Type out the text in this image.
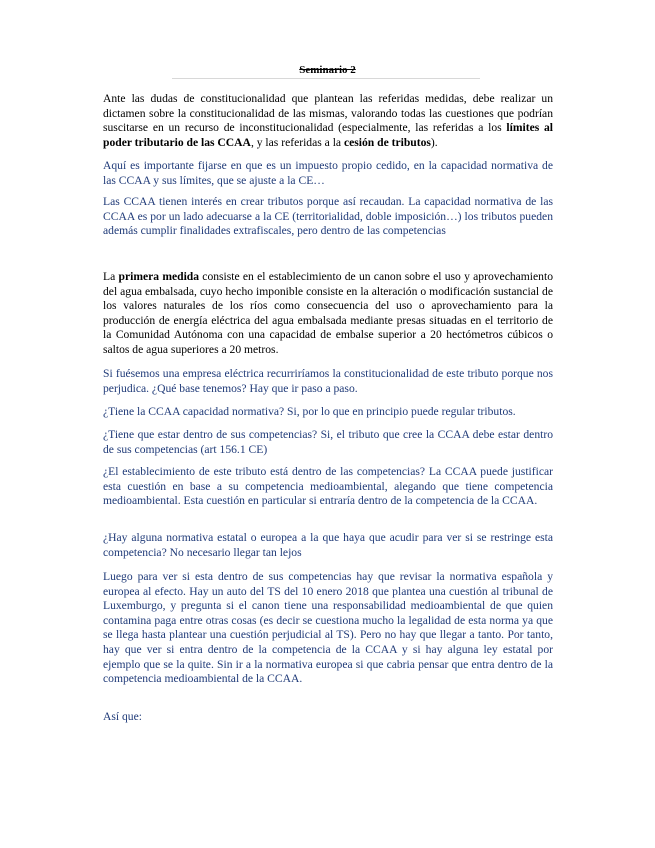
Seminario 2

Ante las dudas de constitucionalidad que plantean las referidas medidas, debe realizar un dictamen sobre la constitucionalidad de las mismas, valorando todas las cuestiones que podrían suscitarse en un recurso de inconstitucionalidad (especialmente, las referidas a los límites al poder tributario de las CCAA, y las referidas a la cesión de tributos).

Aquí es importante fijarse en que es un impuesto propio cedido, en la capacidad normativa de las CCAA y sus límites, que se ajuste a la CE…

Las CCAA tienen interés en crear tributos porque así recaudan. La capacidad normativa de las CCAA es por un lado adecuarse a la CE (territorialidad, doble imposición…) los tributos pueden además cumplir finalidades extrafiscales, pero dentro de las competencias

La primera medida consiste en el establecimiento de un canon sobre el uso y aprovechamiento del agua embalsada, cuyo hecho imponible consiste en la alteración o modificación sustancial de los valores naturales de los ríos como consecuencia del uso o aprovechamiento para la producción de energía eléctrica del agua embalsada mediante presas situadas en el territorio de la Comunidad Autónoma con una capacidad de embalse superior a 20 hectómetros cúbicos o saltos de agua superiores a 20 metros.

Si fuésemos una empresa eléctrica recurriríamos la constitucionalidad de este tributo porque nos perjudica. ¿Qué base tenemos? Hay que ir paso a paso.

¿Tiene la CCAA capacidad normativa? Si, por lo que en principio puede regular tributos.

¿Tiene que estar dentro de sus competencias? Si, el tributo que cree la CCAA debe estar dentro de sus competencias (art 156.1 CE)

¿El establecimiento de este tributo está dentro de las competencias? La CCAA puede justificar esta cuestión en base a su competencia medioambiental, alegando que tiene competencia medioambiental. Esta cuestión en particular si entraría dentro de la competencia de la CCAA.

¿Hay alguna normativa estatal o europea a la que haya que acudir para ver si se restringe esta competencia? No necesario llegar tan lejos

Luego para ver si esta dentro de sus competencias hay que revisar la normativa española y europea al efecto. Hay un auto del TS del 10 enero 2018 que plantea una cuestión al tribunal de Luxemburgo, y pregunta si el canon tiene una responsabilidad medioambiental de que quien contamina paga entre otras cosas (es decir se cuestiona mucho la legalidad de esta norma ya que se llega hasta plantear una cuestión perjudicial al TS). Pero no hay que llegar a tanto. Por tanto, hay que ver si entra dentro de la competencia de la CCAA y si hay alguna ley estatal por ejemplo que se la quite. Sin ir a la normativa europea si que cabria pensar que entra dentro de la competencia medioambiental de la CCAA.

Así que:
